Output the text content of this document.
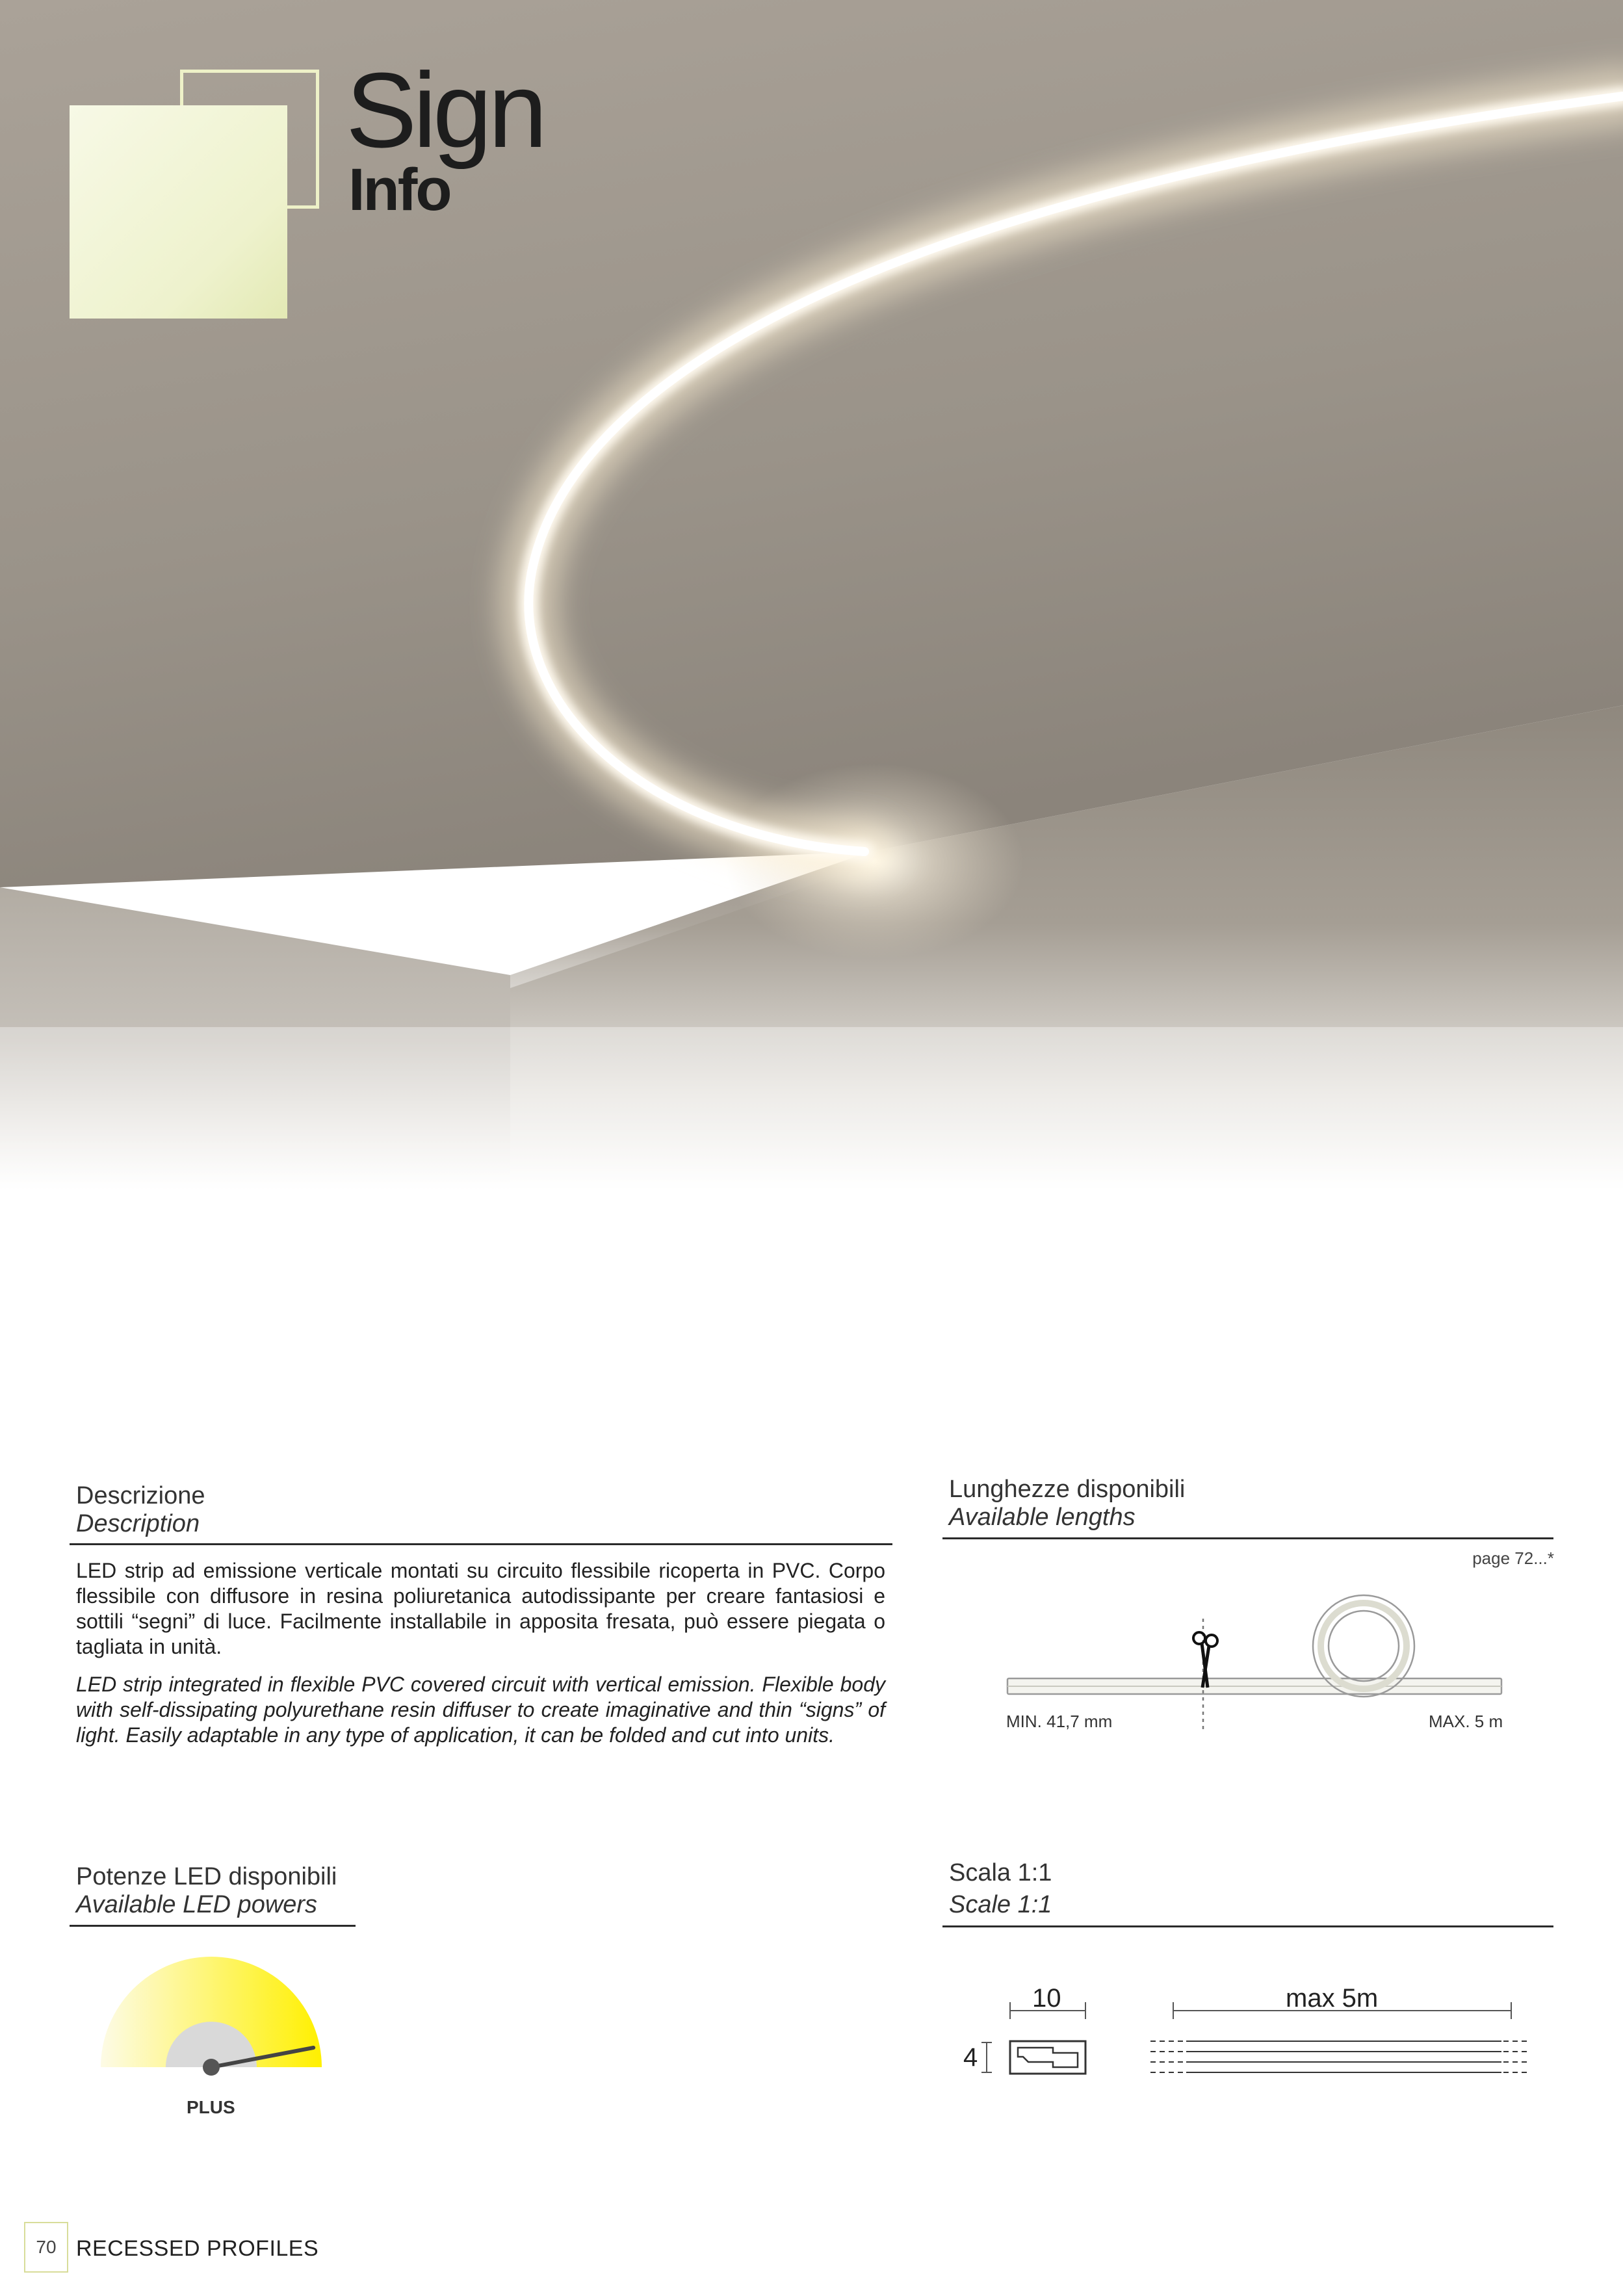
Sign
Info
Descrizione
Description
LED strip ad emissione verticale montati su circuito flessibile ricoperta in PVC. Corpo flessibile con diffusore in resina poliuretanica autodissipante per creare fantasiosi e sottili “segni” di luce. Facilmente installabile in apposita fresata, può essere piegata o tagliata in unità.
LED strip integrated in flexible PVC covered circuit with vertical emission. Flexible body with self-dissipating polyurethane resin diffuser to create imaginative and thin “signs” of light. Easily adaptable in any type of application, it can be folded and cut into units.
Lunghezze disponibili
Available lengths
page 72...*
MIN. 41,7 mm	MAX. 5 m
Potenze LED disponibili
Available LED powers
PLUS
Scala 1:1
Scale 1:1
10
4
max 5m
70 RECESSED PROFILES
